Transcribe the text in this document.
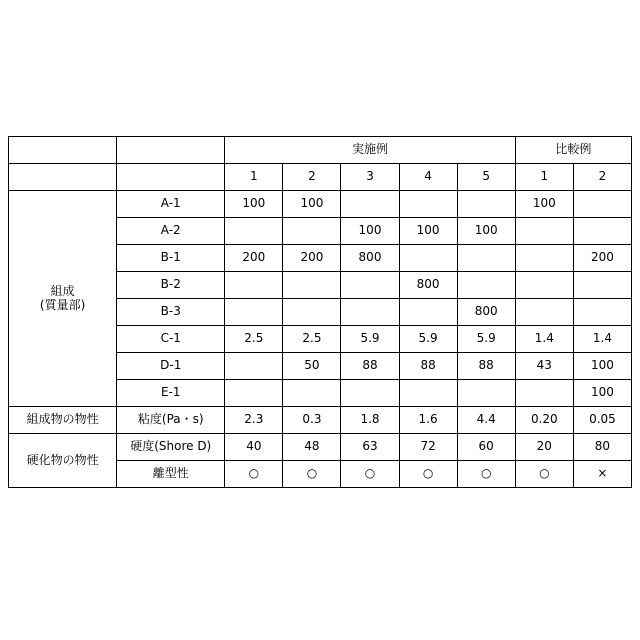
		実施例					比較例	
		1	2	3	4	5	1	2

組成
(質量部)	A-1	100	100				100	
	A-2			100	100	100		
	B-1	200	200	800				200
	B-2				800			
	B-3					800		
	C-1	2.5	2.5	5.9	5.9	5.9	1.4	1.4
	D-1		50	88	88	88	43	100
	E-1							100
組成物の物性	粘度(Pa・s)	2.3	0.3	1.8	1.6	4.4	0.20	0.05
硬化物の物性	硬度(Shore D)	40	48	63	72	60	20	80
	離型性	○	○	○	○	○	○	×
